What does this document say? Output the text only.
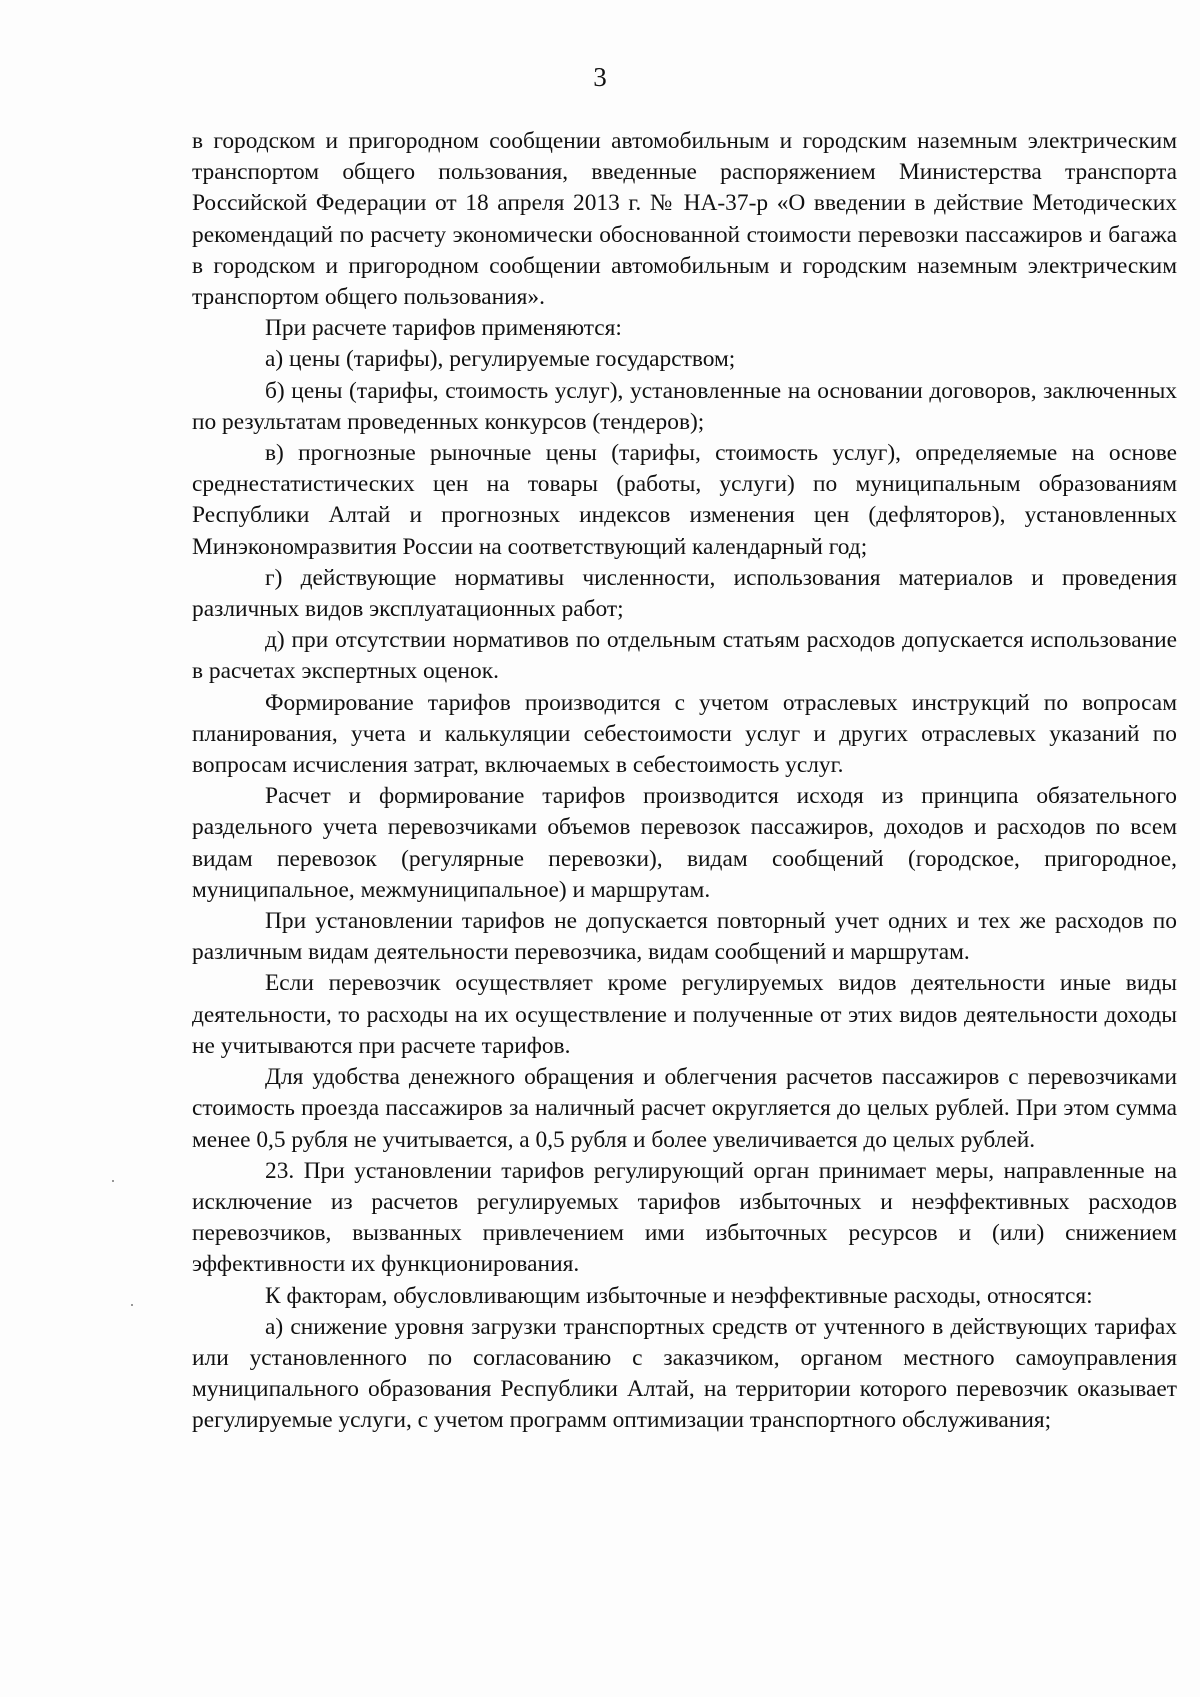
3

в городском и пригородном сообщении автомобильным и городским наземным электрическим транспортом общего пользования, введенные распоряжением Министерства транспорта Российской Федерации от 18 апреля 2013 г. № НА-37-р «О введении в действие Методических рекомендаций по расчету экономически обоснованной стоимости перевозки пассажиров и багажа в городском и пригородном сообщении автомобильным и городским наземным электрическим транспортом общего пользования».

При расчете тарифов применяются:

а) цены (тарифы), регулируемые государством;

б) цены (тарифы, стоимость услуг), установленные на основании договоров, заключенных по результатам проведенных конкурсов (тендеров);

в) прогнозные рыночные цены (тарифы, стоимость услуг), определяемые на основе среднестатистических цен на товары (работы, услуги) по муниципальным образованиям Республики Алтай и прогнозных индексов изменения цен (дефляторов), установленных Минэкономразвития России на соответствующий календарный год;

г) действующие нормативы численности, использования материалов и проведения различных видов эксплуатационных работ;

д) при отсутствии нормативов по отдельным статьям расходов допускается использование в расчетах экспертных оценок.

Формирование тарифов производится с учетом отраслевых инструкций по вопросам планирования, учета и калькуляции себестоимости услуг и других отраслевых указаний по вопросам исчисления затрат, включаемых в себестоимость услуг.

Расчет и формирование тарифов производится исходя из принципа обязательного раздельного учета перевозчиками объемов перевозок пассажиров, доходов и расходов по всем видам перевозок (регулярные перевозки), видам сообщений (городское, пригородное, муниципальное, межмуниципальное) и маршрутам.

При установлении тарифов не допускается повторный учет одних и тех же расходов по различным видам деятельности перевозчика, видам сообщений и маршрутам.

Если перевозчик осуществляет кроме регулируемых видов деятельности иные виды деятельности, то расходы на их осуществление и полученные от этих видов деятельности доходы не учитываются при расчете тарифов.

Для удобства денежного обращения и облегчения расчетов пассажиров с перевозчиками стоимость проезда пассажиров за наличный расчет округляется до целых рублей. При этом сумма менее 0,5 рубля не учитывается, а 0,5 рубля и более увеличивается до целых рублей.

23. При установлении тарифов регулирующий орган принимает меры, направленные на исключение из расчетов регулируемых тарифов избыточных и неэффективных расходов перевозчиков, вызванных привлечением ими избыточных ресурсов и (или) снижением эффективности их функционирования.

К факторам, обусловливающим избыточные и неэффективные расходы, относятся:

а) снижение уровня загрузки транспортных средств от учтенного в действующих тарифах или установленного по согласованию с заказчиком, органом местного самоуправления муниципального образования Республики Алтай, на территории которого перевозчик оказывает регулируемые услуги, с учетом программ оптимизации транспортного обслуживания;
